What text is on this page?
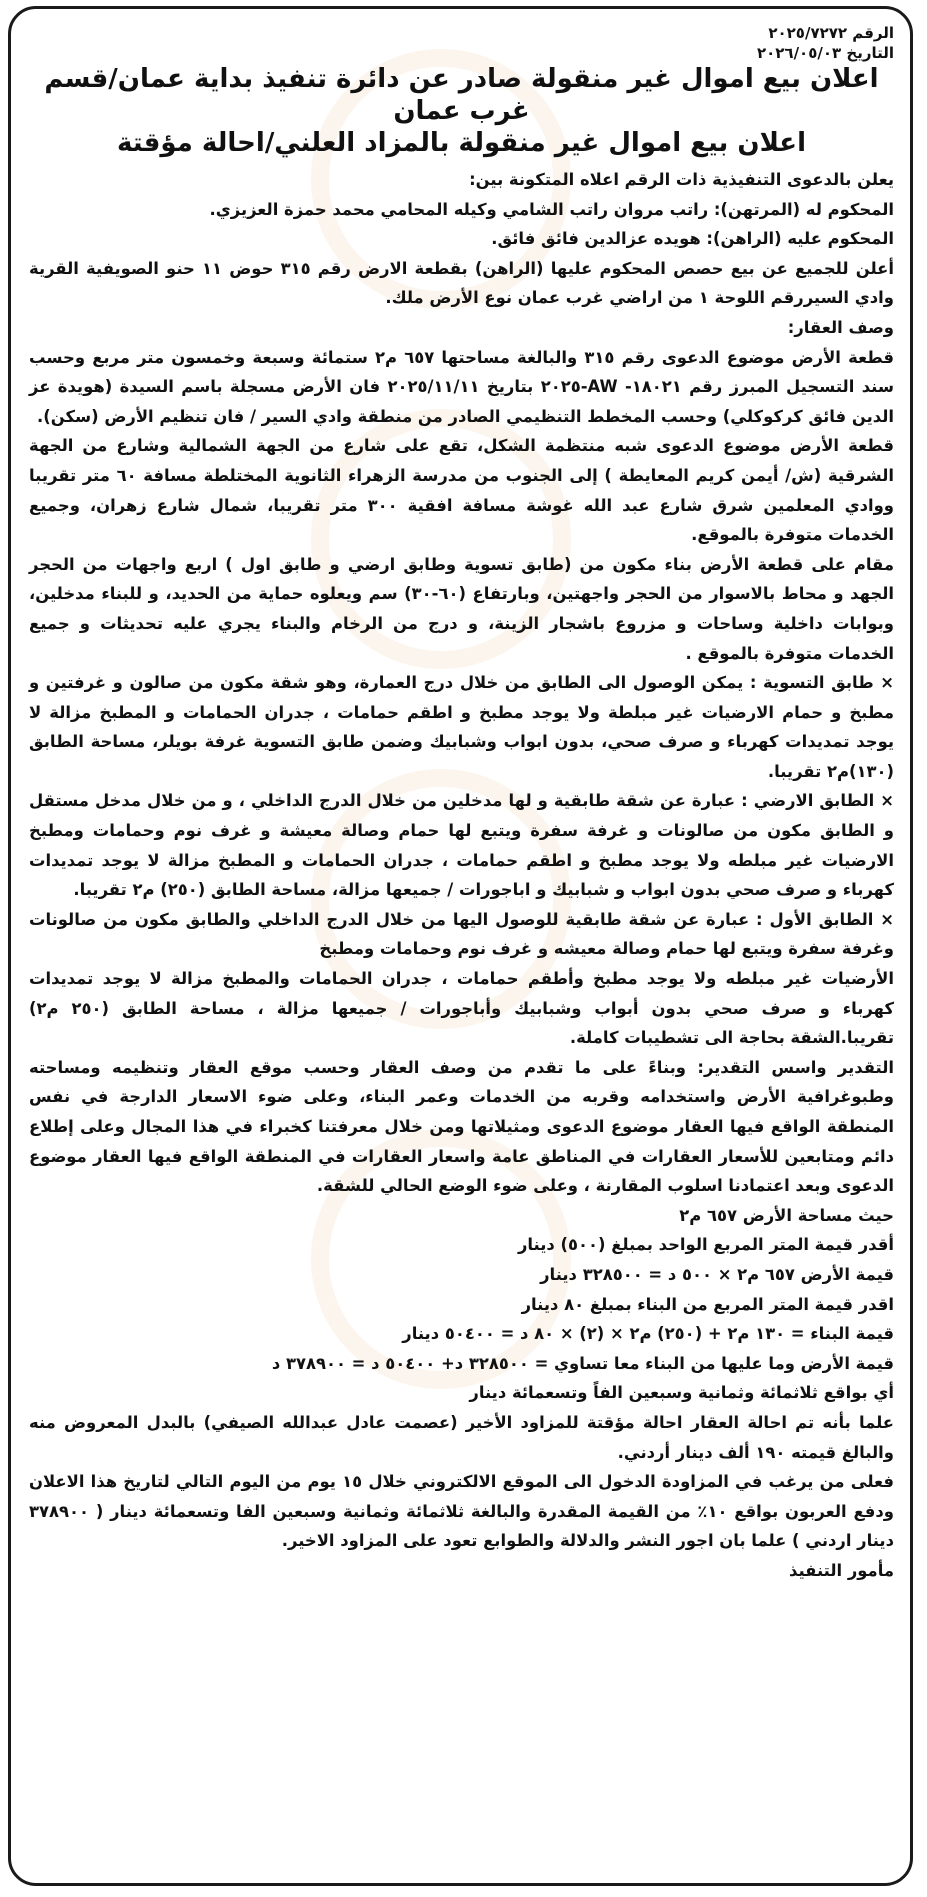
الرقم ٢٠٢٥/٧٢٧٢

التاريخ ٢٠٢٦/٠٥/٠٣

اعلان بيع اموال غير منقولة صادر عن دائرة تنفيذ بداية عمان/قسم غرب عمان

اعلان بيع اموال غير منقولة بالمزاد العلني/احالة مؤقتة

يعلن بالدعوى التنفيذية ذات الرقم اعلاه المتكونة بين:

المحكوم له (المرتهن): راتب مروان راتب الشامي وكيله المحامي محمد حمزة العزيزي.

المحكوم عليه (الراهن): هويده عزالدين فائق فائق.

أعلن للجميع عن بيع حصص المحكوم عليها (الراهن) بقطعة الارض رقم ٣١٥ حوض ١١ حنو الصويفية القرية وادي السيررقم اللوحة ١ من اراضي غرب عمان نوع الأرض ملك.

وصف العقار:

قطعة الأرض موضوع الدعوى رقم ٣١٥ والبالغة مساحتها ٦٥٧ م٢ ستمائة وسبعة وخمسون متر مربع وحسب سند التسجيل المبرز رقم ١٨٠٢١- AW-٢٠٢٥ بتاريخ ٢٠٢٥/١١/١١ فان الأرض مسجلة باسم السيدة (هويدة عز الدين فائق كركوكلي) وحسب المخطط التنظيمي الصادر من منطقة وادي السير / فان تنظيم الأرض (سكن).

قطعة الأرض موضوع الدعوى شبه منتظمة الشكل، تقع على شارع من الجهة الشمالية وشارع من الجهة الشرقية (ش/ أيمن كريم المعايطة ) إلى الجنوب من مدرسة الزهراء الثانوية المختلطة مسافة ٦٠ متر تقريبا ووادي المعلمين شرق شارع عبد الله غوشة مسافة افقية ٣٠٠ متر تقريبا، شمال شارع زهران، وجميع الخدمات متوفرة بالموقع.

مقام على قطعة الأرض بناء مكون من (طابق تسوية وطابق ارضي و طابق اول ) اربع واجهات من الحجر الجهد و محاط بالاسوار من الحجر واجهتين، وبارتفاع (٦٠-٣٠) سم ويعلوه حماية من الحديد، و للبناء مدخلين، وبوابات داخلية وساحات و مزروع باشجار الزينة، و درج من الرخام والبناء يجري عليه تحديثات و جميع الخدمات متوفرة بالموقع .

× طابق التسوية : يمكن الوصول الى الطابق من خلال درج العمارة، وهو شقة مكون من صالون و غرفتين و مطبخ و حمام الارضيات غير مبلطة ولا يوجد مطبخ و اطقم حمامات ، جدران الحمامات و المطبخ مزالة لا يوجد تمديدات كهرباء و صرف صحي، بدون ابواب وشبابيك وضمن طابق التسوية غرفة بويلر، مساحة الطابق (١٣٠)م٢ تقريبا.

× الطابق الارضي : عبارة عن شقة طابقية و لها مدخلين من خلال الدرج الداخلي ، و من خلال مدخل مستقل و الطابق مكون من صالونات و غرفة سفرة ويتبع لها حمام وصالة معيشة و غرف نوم وحمامات ومطبخ الارضيات غير مبلطه ولا يوجد مطبخ و اطقم حمامات ، جدران الحمامات و المطبخ مزالة لا يوجد تمديدات كهرباء و صرف صحي بدون ابواب و شبابيك و اباجورات / جميعها مزالة، مساحة الطابق (٢٥٠) م٢ تقريبا.

× الطابق الأول : عبارة عن شقة طابقية للوصول اليها من خلال الدرج الداخلي والطابق مكون من صالونات وغرفة سفرة ويتبع لها حمام وصالة معيشه و غرف نوم وحمامات ومطبخ

الأرضيات غير مبلطه ولا يوجد مطبخ وأطقم حمامات ، جدران الحمامات والمطبخ مزالة لا يوجد تمديدات كهرباء و صرف صحي بدون أبواب وشبابيك وأباجورات / جميعها مزالة ، مساحة الطابق (٢٥٠ م٢) تقريبا.الشقة بحاجة الى تشطيبات كاملة.

التقدير واسس التقدير: وبناءً على ما تقدم من وصف العقار وحسب موقع العقار وتنظيمه ومساحته وطبوغرافية الأرض واستخدامه وقربه من الخدمات وعمر البناء، وعلى ضوء الاسعار الدارجة في نفس المنطقة الواقع فيها العقار موضوع الدعوى ومثيلاتها ومن خلال معرفتنا كخبراء في هذا المجال وعلى إطلاع دائم ومتابعين للأسعار العقارات في المناطق عامة واسعار العقارات في المنطقة الواقع فيها العقار موضوع الدعوى وبعد اعتمادنا اسلوب المقارنة ، وعلى ضوء الوضع الحالي للشقة.

حيث مساحة الأرض ٦٥٧ م٢

أقدر قيمة المتر المربع الواحد بمبلغ (٥٠٠) دينار

قيمة الأرض ٦٥٧ م٢ × ٥٠٠ د = ٣٢٨٥٠٠ دينار

اقدر قيمة المتر المربع من البناء بمبلغ ٨٠ دينار

قيمة البناء = ١٣٠ م٢ + (٢٥٠) م٢ × (٢) × ٨٠ د = ٥٠٤٠٠ دينار

قيمة الأرض وما عليها من البناء معا تساوي = ٣٢٨٥٠٠ د+ ٥٠٤٠٠ د = ٣٧٨٩٠٠ د

أي بواقع ثلاثمائة وثمانية وسبعين الفاً وتسعمائة دينار

علما بأنه تم احالة العقار احالة مؤقتة للمزاود الأخير (عصمت عادل عبدالله الصيفي) بالبدل المعروض منه والبالغ قيمته ١٩٠ ألف دينار أردني.

فعلى من يرغب في المزاودة الدخول الى الموقع الالكتروني خلال ١٥ يوم من اليوم التالي لتاريخ هذا الاعلان ودفع العربون بواقع ١٠٪ من القيمة المقدرة والبالغة ثلاثمائة وثمانية وسبعين الفا وتسعمائة دينار ( ٣٧٨٩٠٠ دينار اردني ) علما بان اجور النشر والدلالة والطوابع تعود على المزاود الاخير.

مأمور التنفيذ
